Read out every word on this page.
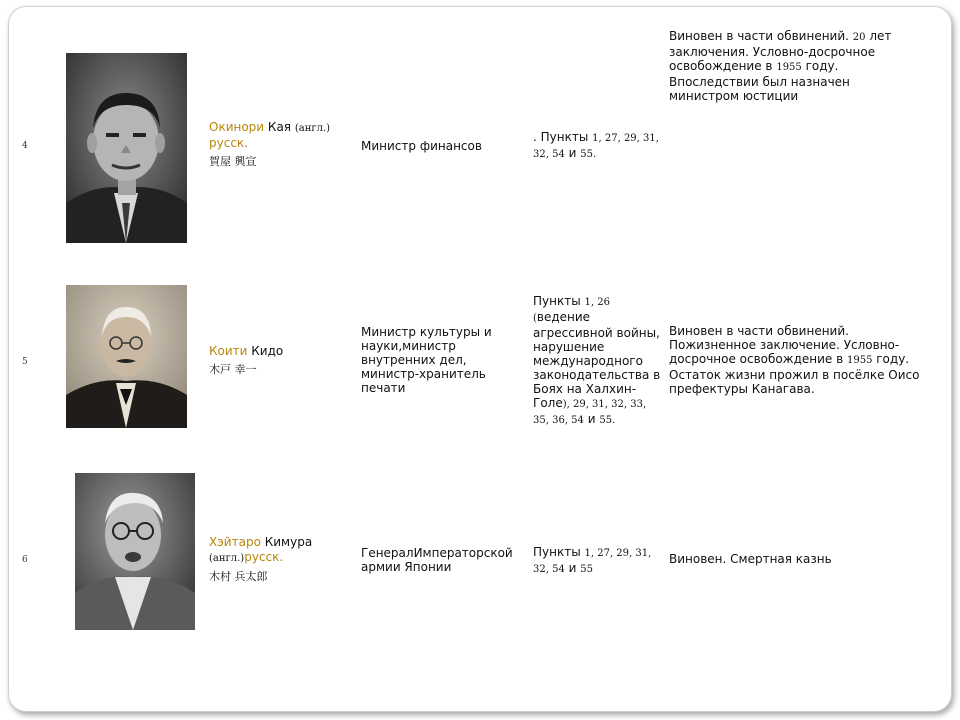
4
Окинори Кая (англ.)
русск.
賀屋 興宣
Министр финансов
. Пункты 1, 27, 29, 31, 32, 54 и 55.
Виновен в части обвинений. 20 лет заключения. Условно-досрочное освобождение в 1955 году. Впоследствии был назначен министром юстиции
5
Коити Кидо
木戸 幸一
Министр культуры и науки,министр внутренних дел, министр-хранитель печати
Пункты 1, 26
(ведение агрессивной войны, нарушение международного законодательства в Боях на Халхин-Голе), 29, 31, 32, 33, 35, 36, 54 и 55.
Виновен в части обвинений. Пожизненное заключение. Условно-досрочное освобождение в 1955 году. Остаток жизни прожил в посёлке Оисо префектуры Канагава.
6
Хэйтаро Кимура
(англ.)русск.
木村 兵太郎
ГенералИмператорской армии Японии
Пункты 1, 27, 29, 31, 32, 54 и 55
Виновен. Смертная казнь
